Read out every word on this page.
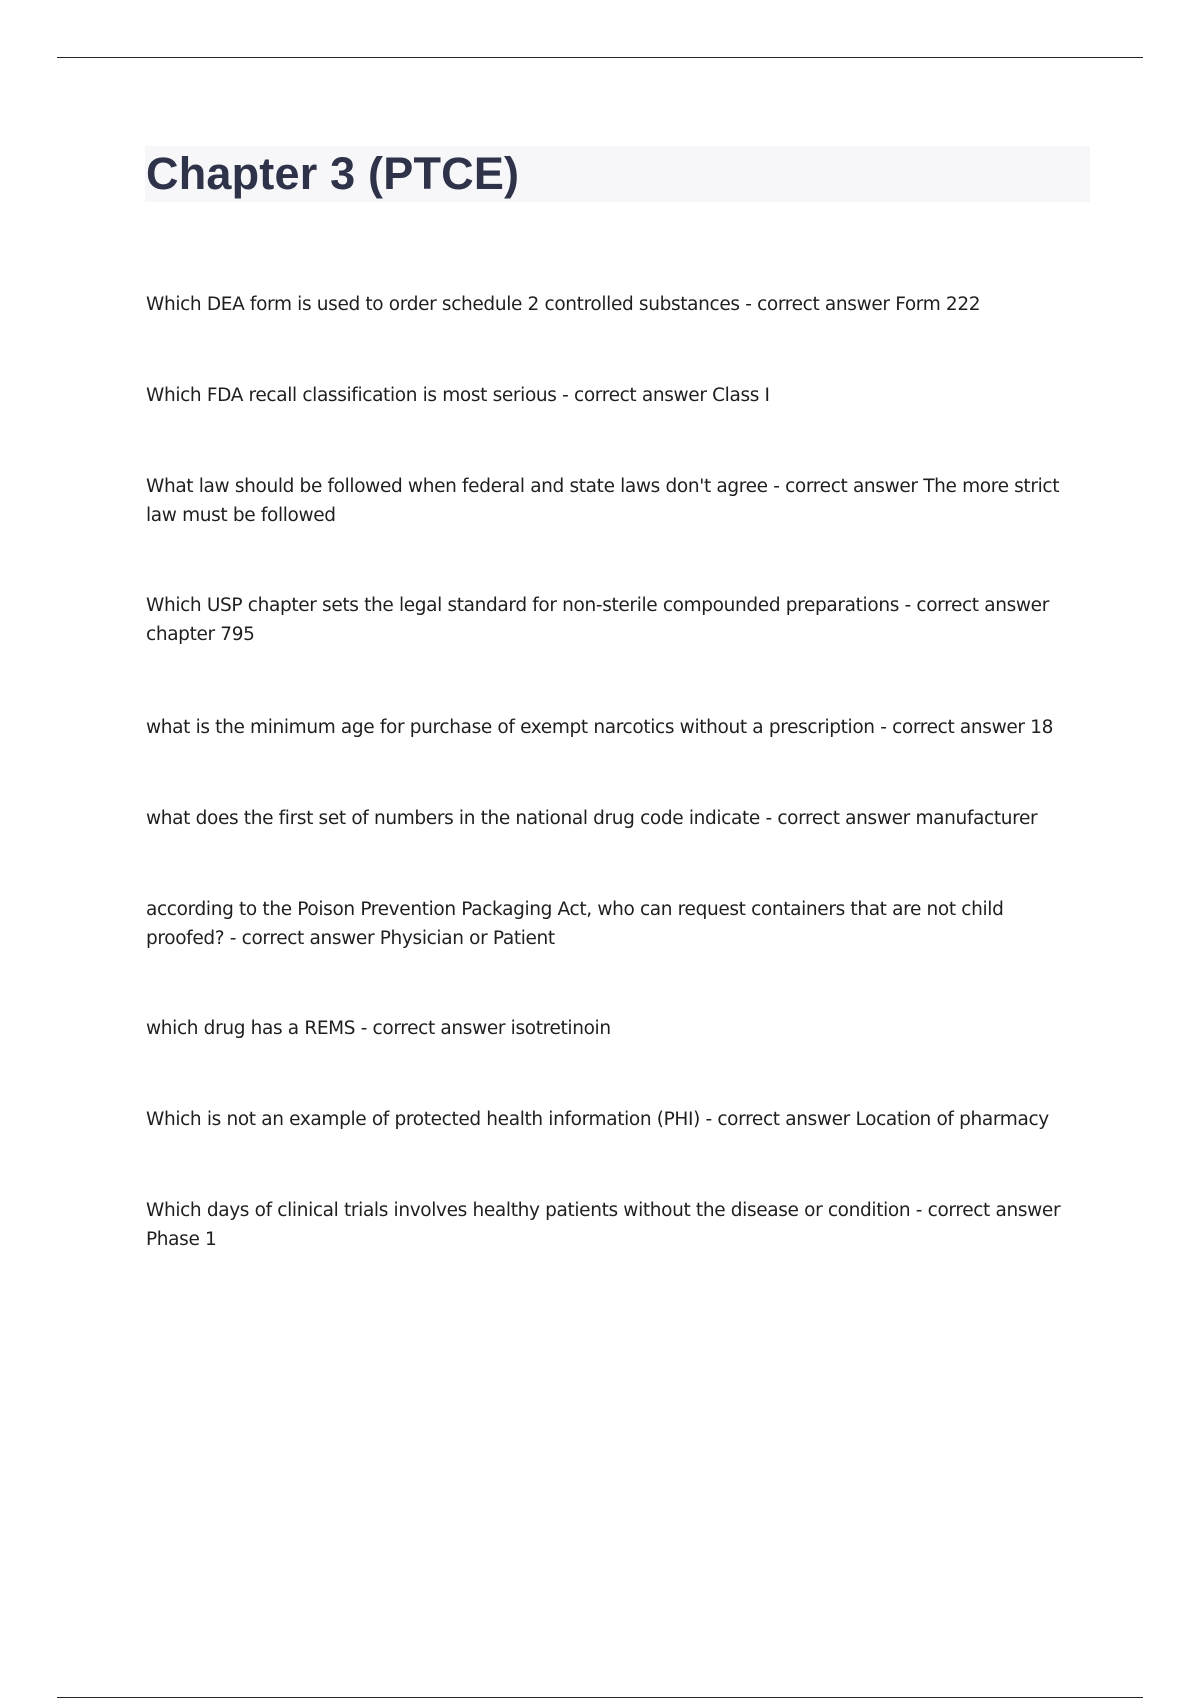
Chapter 3 (PTCE)
Which DEA form is used to order schedule 2 controlled substances - correct answer Form 222
Which FDA recall classification is most serious - correct answer Class I
What law should be followed when federal and state laws don't agree - correct answer The more strict law must be followed
Which USP chapter sets the legal standard for non-sterile compounded preparations - correct answer chapter 795
what is the minimum age for purchase of exempt narcotics without a prescription - correct answer 18
what does the first set of numbers in the national drug code indicate - correct answer manufacturer
according to the Poison Prevention Packaging Act, who can request containers that are not child proofed? - correct answer Physician or Patient
which drug has a REMS - correct answer isotretinoin
Which is not an example of protected health information (PHI) - correct answer Location of pharmacy
Which days of clinical trials involves healthy patients without the disease or condition - correct answer Phase 1
